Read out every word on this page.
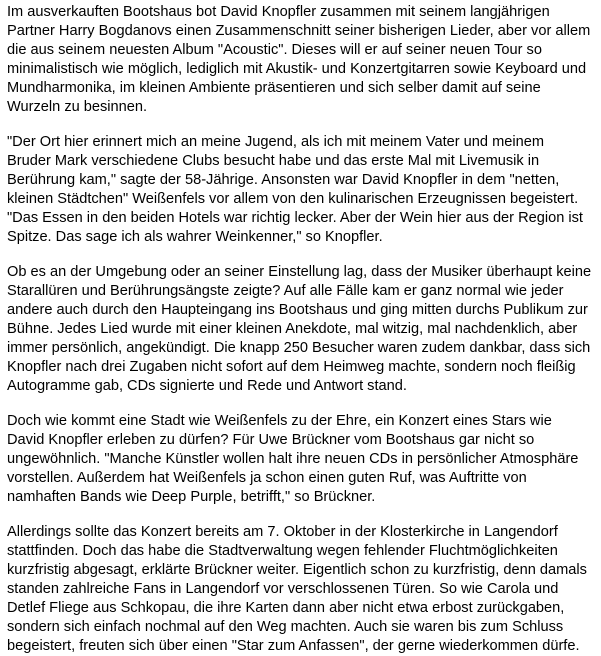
Im ausverkauften Bootshaus bot David Knopfler zusammen mit seinem langjährigen
Partner Harry Bogdanovs einen Zusammenschnitt seiner bisherigen Lieder, aber vor allem
die aus seinem neuesten Album "Acoustic". Dieses will er auf seiner neuen Tour so
minimalistisch wie möglich, lediglich mit Akustik- und Konzertgitarren sowie Keyboard und
Mundharmonika, im kleinen Ambiente präsentieren und sich selber damit auf seine
Wurzeln zu besinnen.
"Der Ort hier erinnert mich an meine Jugend, als ich mit meinem Vater und meinem
Bruder Mark verschiedene Clubs besucht habe und das erste Mal mit Livemusik in
Berührung kam," sagte der 58-Jährige. Ansonsten war David Knopfler in dem "netten,
kleinen Städtchen" Weißenfels vor allem von den kulinarischen Erzeugnissen begeistert.
"Das Essen in den beiden Hotels war richtig lecker. Aber der Wein hier aus der Region ist
Spitze. Das sage ich als wahrer Weinkenner," so Knopfler.
Ob es an der Umgebung oder an seiner Einstellung lag, dass der Musiker überhaupt keine
Starallüren und Berührungsängste zeigte? Auf alle Fälle kam er ganz normal wie jeder
andere auch durch den Haupteingang ins Bootshaus und ging mitten durchs Publikum zur
Bühne. Jedes Lied wurde mit einer kleinen Anekdote, mal witzig, mal nachdenklich, aber
immer persönlich, angekündigt. Die knapp 250 Besucher waren zudem dankbar, dass sich
Knopfler nach drei Zugaben nicht sofort auf dem Heimweg machte, sondern noch fleißig
Autogramme gab, CDs signierte und Rede und Antwort stand.
Doch wie kommt eine Stadt wie Weißenfels zu der Ehre, ein Konzert eines Stars wie
David Knopfler erleben zu dürfen? Für Uwe Brückner vom Bootshaus gar nicht so
ungewöhnlich. "Manche Künstler wollen halt ihre neuen CDs in persönlicher Atmosphäre
vorstellen. Außerdem hat Weißenfels ja schon einen guten Ruf, was Auftritte von
namhaften Bands wie Deep Purple, betrifft," so Brückner.
Allerdings sollte das Konzert bereits am 7. Oktober in der Klosterkirche in Langendorf
stattfinden. Doch das habe die Stadtverwaltung wegen fehlender Fluchtmöglichkeiten
kurzfristig abgesagt, erklärte Brückner weiter. Eigentlich schon zu kurzfristig, denn damals
standen zahlreiche Fans in Langendorf vor verschlossenen Türen. So wie Carola und
Detlef Fliege aus Schkopau, die ihre Karten dann aber nicht etwa erbost zurückgaben,
sondern sich einfach nochmal auf den Weg machten. Auch sie waren bis zum Schluss
begeistert, freuten sich über einen "Star zum Anfassen", der gerne wiederkommen dürfe.
